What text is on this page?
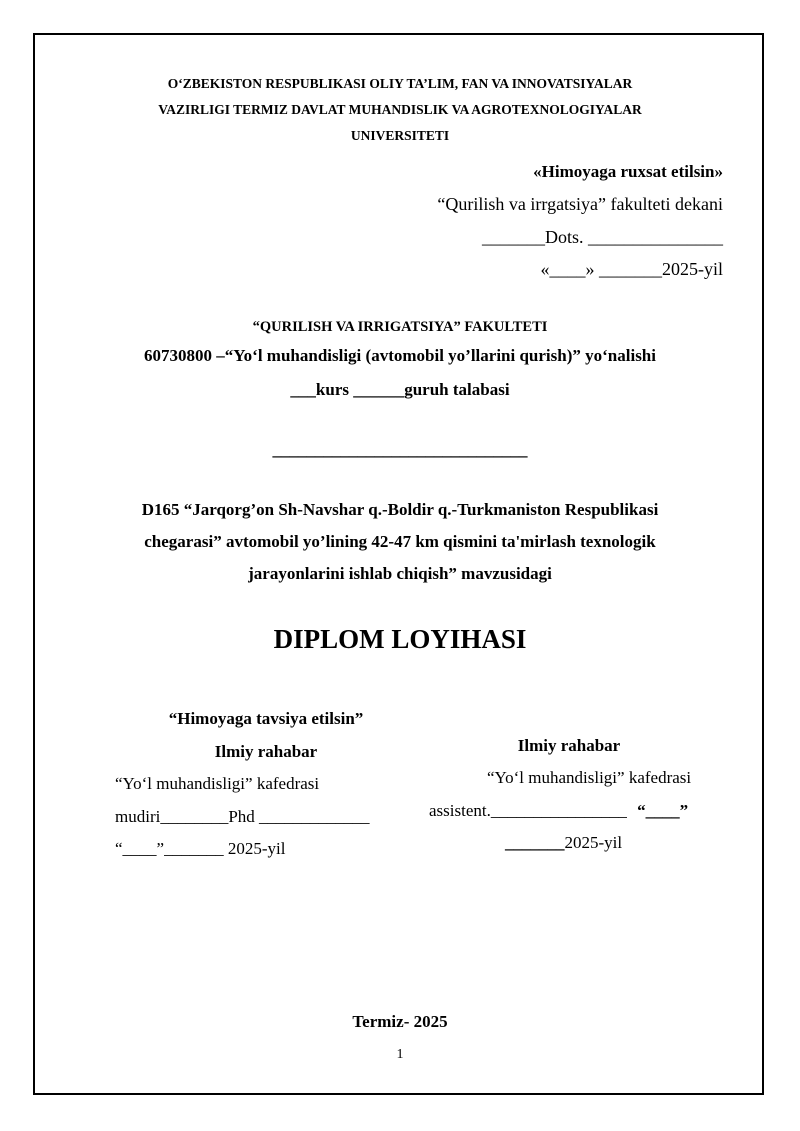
O‘ZBEKISTON RESPUBLIKASI OLIY TA’LIM, FAN VA INNOVATSIYALAR
VAZIRLIGI TERMIZ DAVLAT MUHANDISLIK VA AGROTEXNOLOGIYALAR
UNIVERSITETI
«Himoyaga ruxsat etilsin»
“Qurilish va irrgatsiya” fakulteti dekani
_______Dots. _______________
«____» _______2025-yil
“QURILISH VA IRRIGATSIYA” FAKULTETI
60730800 –“Yo‘l muhandisligi (avtomobil yo’llarini qurish)” yo‘nalishi
___kurs ______guruh talabasi
______________________________
D165 “Jarqorg’on Sh-Navshar q.-Boldir q.-Turkmaniston Respublikasi
chegarasi” avtomobil yo’lining 42-47 km qismini ta'mirlash texnologik
jarayonlarini ishlab chiqish” mavzusidagi
DIPLOM LOYIHASI
“Himoyaga tavsiya etilsin”
Ilmiy rahabar
“Yo‘l muhandisligi” kafedrasi
mudiri________Phd _____________
“____”_______ 2025-yil
Ilmiy rahabar
“Yo‘l muhandisligi” kafedrasi
assistent.________________ “____”
_______2025-yil
Termiz- 2025
1
